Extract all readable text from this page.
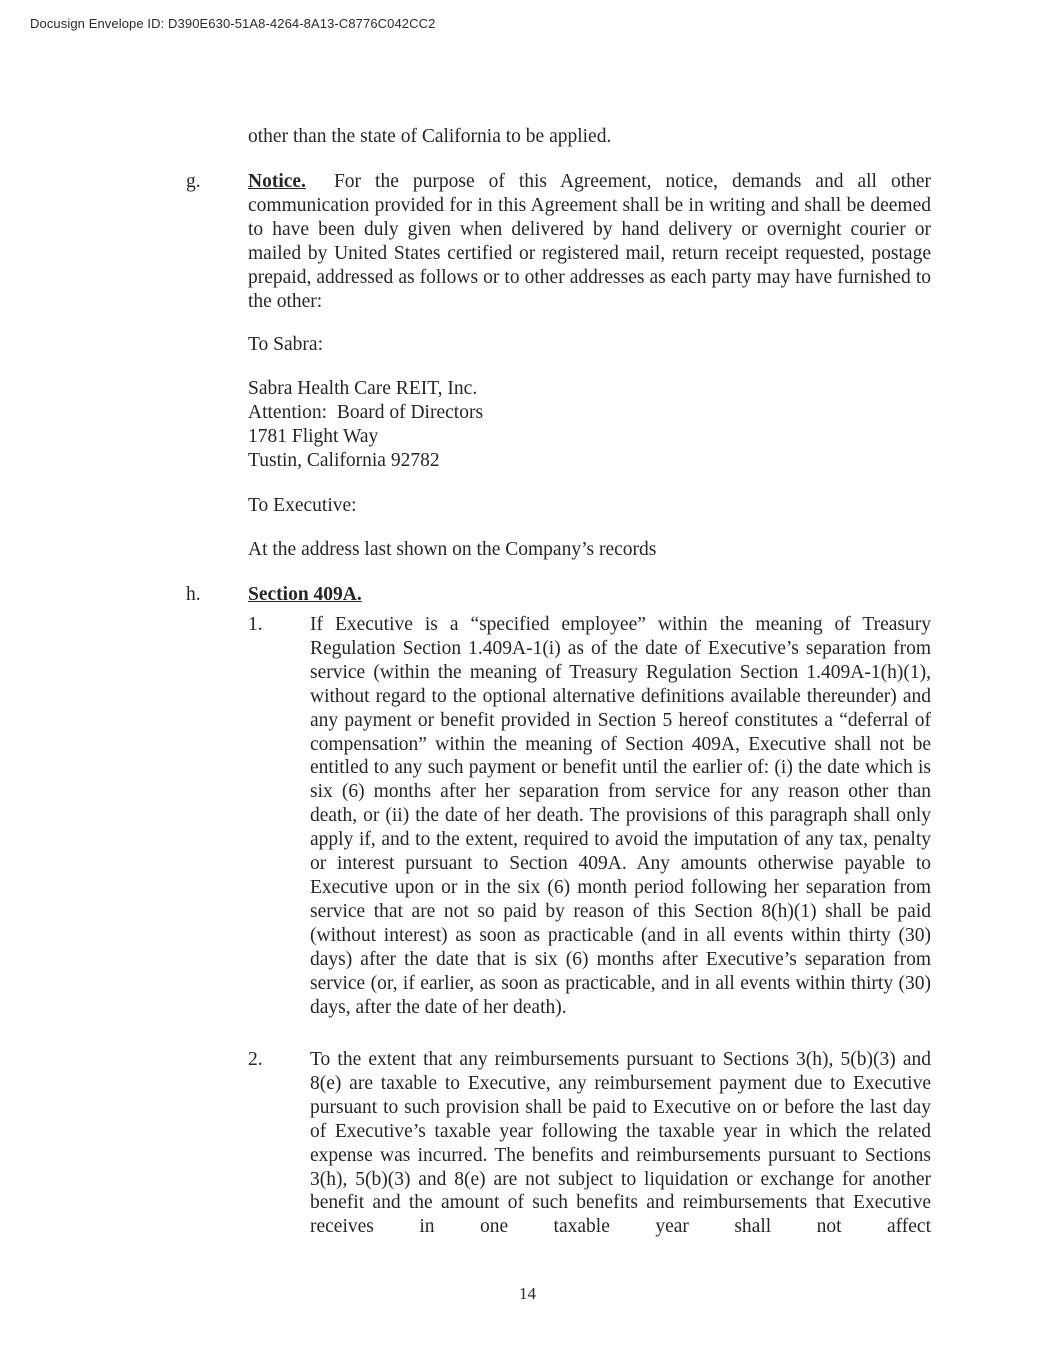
Docusign Envelope ID: D390E630-51A8-4264-8A13-C8776C042CC2
other than the state of California to be applied.
g. Notice. For the purpose of this Agreement, notice, demands and all other communication provided for in this Agreement shall be in writing and shall be deemed to have been duly given when delivered by hand delivery or overnight courier or mailed by United States certified or registered mail, return receipt requested, postage prepaid, addressed as follows or to other addresses as each party may have furnished to the other:
To Sabra:
Sabra Health Care REIT, Inc.
Attention:  Board of Directors
1781 Flight Way
Tustin, California 92782
To Executive:
At the address last shown on the Company’s records
h. Section 409A.
1. If Executive is a “specified employee” within the meaning of Treasury Regulation Section 1.409A-1(i) as of the date of Executive’s separation from service (within the meaning of Treasury Regulation Section 1.409A-1(h)(1), without regard to the optional alternative definitions available thereunder) and any payment or benefit provided in Section 5 hereof constitutes a “deferral of compensation” within the meaning of Section 409A, Executive shall not be entitled to any such payment or benefit until the earlier of: (i) the date which is six (6) months after her separation from service for any reason other than death, or (ii) the date of her death. The provisions of this paragraph shall only apply if, and to the extent, required to avoid the imputation of any tax, penalty or interest pursuant to Section 409A. Any amounts otherwise payable to Executive upon or in the six (6) month period following her separation from service that are not so paid by reason of this Section 8(h)(1) shall be paid (without interest) as soon as practicable (and in all events within thirty (30) days) after the date that is six (6) months after Executive’s separation from service (or, if earlier, as soon as practicable, and in all events within thirty (30) days, after the date of her death).
2. To the extent that any reimbursements pursuant to Sections 3(h), 5(b)(3) and 8(e) are taxable to Executive, any reimbursement payment due to Executive pursuant to such provision shall be paid to Executive on or before the last day of Executive’s taxable year following the taxable year in which the related expense was incurred. The benefits and reimbursements pursuant to Sections 3(h), 5(b)(3) and 8(e) are not subject to liquidation or exchange for another benefit and the amount of such benefits and reimbursements that Executive receives in one taxable year shall not affect
14
